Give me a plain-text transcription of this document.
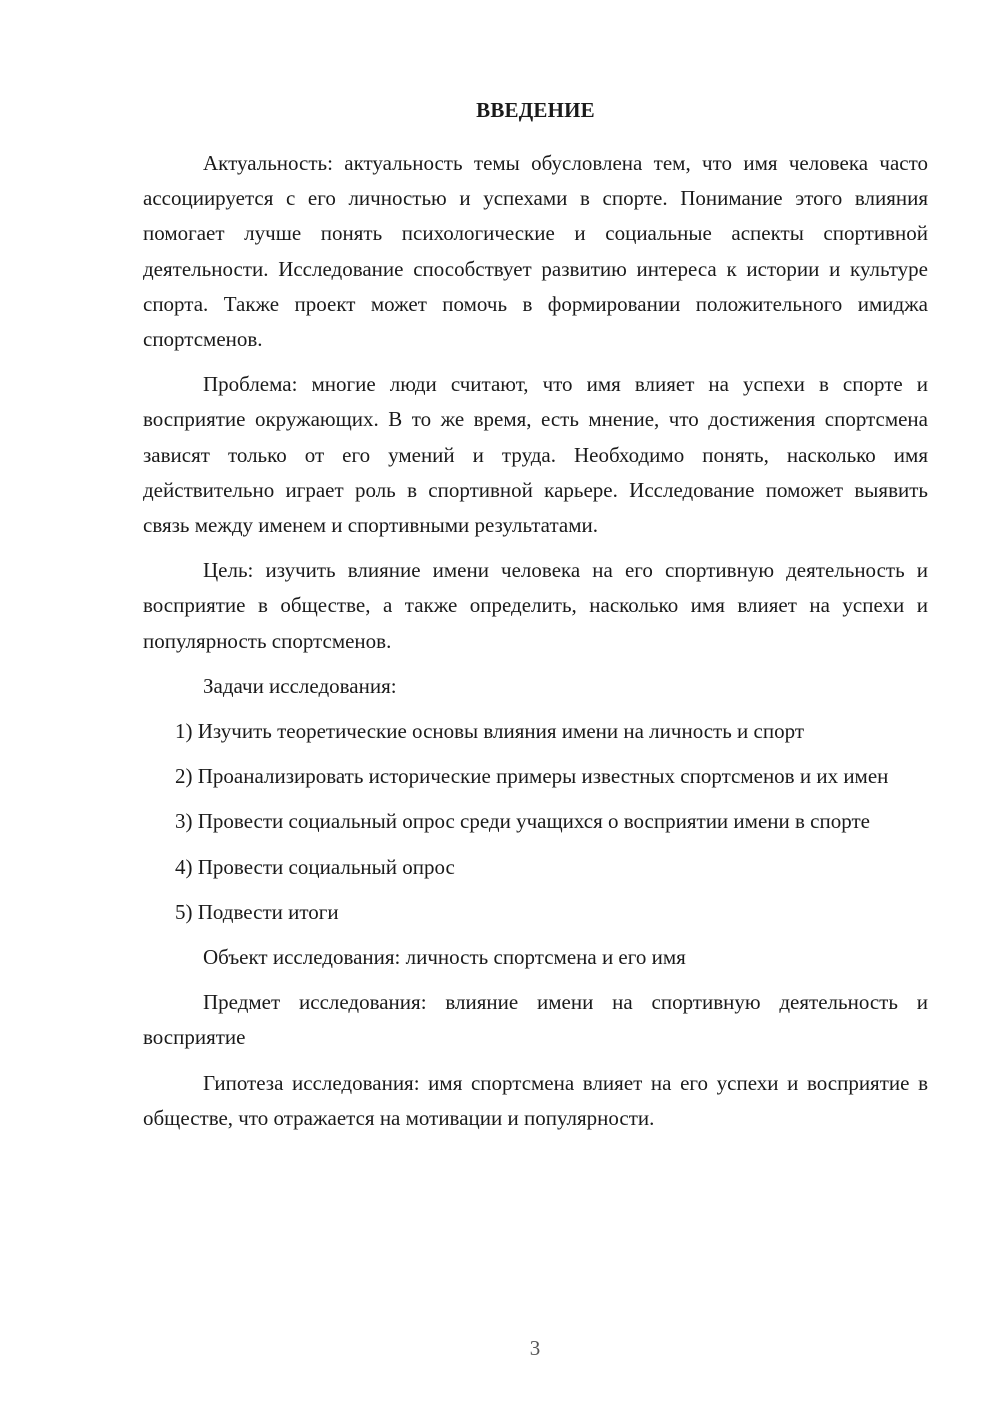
ВВЕДЕНИЕ

Актуальность: актуальность темы обусловлена тем, что имя человека часто ассоциируется с его личностью и успехами в спорте. Понимание этого влияния помогает лучше понять психологические и социальные аспекты спортивной деятельности. Исследование способствует развитию интереса к истории и культуре спорта. Также проект может помочь в формировании положительного имиджа спортсменов.

Проблема: многие люди считают, что имя влияет на успехи в спорте и восприятие окружающих. В то же время, есть мнение, что достижения спортсмена зависят только от его умений и труда. Необходимо понять, насколько имя действительно играет роль в спортивной карьере. Исследование поможет выявить связь между именем и спортивными результатами.

Цель: изучить влияние имени человека на его спортивную деятельность и восприятие в обществе, а также определить, насколько имя влияет на успехи и популярность спортсменов.

Задачи исследования:

1) Изучить теоретические основы влияния имени на личность и спорт

2) Проанализировать исторические примеры известных спортсменов и их имен

3) Провести социальный опрос среди учащихся о восприятии имени в спорте

4) Провести социальный опрос

5) Подвести итоги

Объект исследования: личность спортсмена и его имя

Предмет исследования: влияние имени на спортивную деятельность и восприятие

Гипотеза исследования: имя спортсмена влияет на его успехи и восприятие в обществе, что отражается на мотивации и популярности.

3
